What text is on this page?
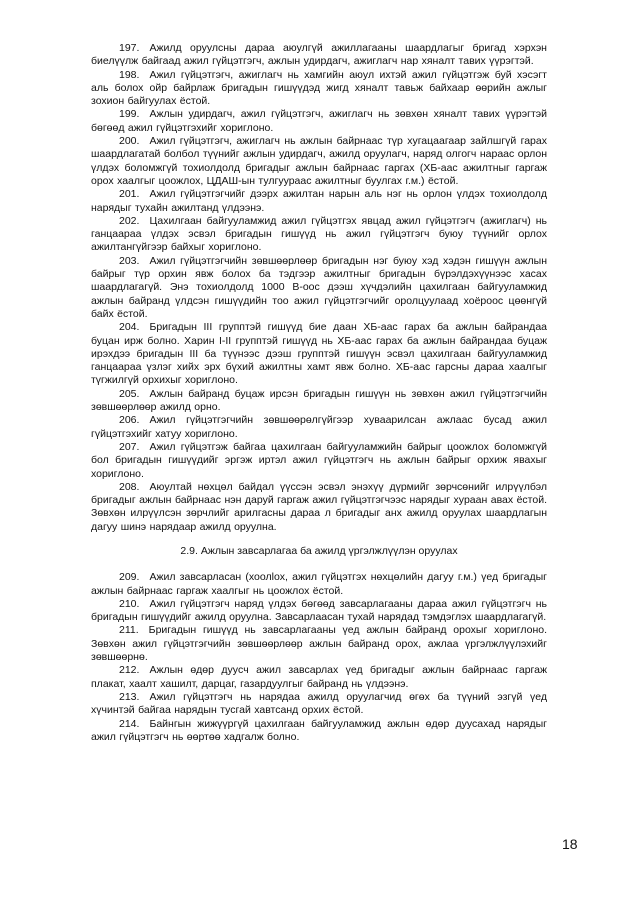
197. Ажилд оруулсны дараа аюулгүй ажиллагааны шаардлагыг бригад хэрхэн биелүүлж байгаад ажил гүйцэтгэгч, ажлын удирдагч, ажиглагч нар хяналт тавих үүрэгтэй.

198. Ажил гүйцэтгэгч, ажиглагч нь хамгийн аюул ихтэй ажил гүйцэтгэж буй хэсэгт аль болох ойр байрлаж бригадын гишүүдэд жигд хяналт тавьж байхаар өөрийн ажлыг зохион байгуулах ёстой.

199. Ажлын удирдагч, ажил гүйцэтгэгч, ажиглагч нь зөвхөн хяналт тавих үүрэгтэй бөгөөд ажил гүйцэтгэхийг хориглоно.

200. Ажил гүйцэтгэгч, ажиглагч нь ажлын байрнаас түр хугацаагаар зайлшгүй гарах шаардлагатай болбол түүнийг ажлын удирдагч, ажилд оруулагч, наряд олгогч нараас орлон үлдэх боломжгүй тохиолдолд бригадыг ажлын байрнаас гаргах (ХБ-аас ажилтныг гаргаж орох хаалгыг цоожлох, ЦДАШ-ын тулгуураас ажилтныг буулгах г.м.) ёстой.

201. Ажил гүйцэтгэгчийг дээрх ажилтан нарын аль нэг нь орлон үлдэх тохиолдолд нарядыг тухайн ажилтанд үлдээнэ.

202. Цахилгаан байгууламжид ажил гүйцэтгэх явцад ажил гүйцэтгэгч (ажиглагч) нь ганцаараа үлдэх эсвэл бригадын гишүүд нь ажил гүйцэтгэгч буюу түүнийг орлох ажилтангүйгээр байхыг хориглоно.

203. Ажил гүйцэтгэгчийн зөвшөөрлөөр бригадын нэг буюу хэд хэдэн гишүүн ажлын байрыг түр орхин явж болох ба тэдгээр ажилтныг бригадын бүрэлдэхүүнээс хасах шаардлагагүй. Энэ тохиолдолд 1000 В-оос дээш хүчдэлийн цахилгаан байгууламжид ажлын байранд үлдсэн гишүүдийн тоо ажил гүйцэтгэгчийг оролцуулаад хоёроос цөөнгүй байх ёстой.

204. Бригадын III групптэй гишүүд бие даан ХБ-аас гарах ба ажлын байрандаа буцан ирж болно. Харин I-II групптэй гишүүд нь ХБ-аас гарах ба ажлын байрандаа буцаж ирэхдээ бригадын III ба түүнээс дээш групптэй гишүүн эсвэл цахилгаан байгууламжид ганцаараа үзлэг хийх эрх бүхий ажилтны хамт явж болно. ХБ-аас гарсны дараа хаалгыг түгжилгүй орхихыг хориглоно.

205. Ажлын байранд буцаж ирсэн бригадын гишүүн нь зөвхөн ажил гүйцэтгэгчийн зөвшөөрлөөр ажилд орно.

206. Ажил гүйцэтгэгчийн зөвшөөрөлгүйгээр хуваарилсан ажлаас бусад ажил гүйцэтгэхийг хатуу хориглоно.

207. Ажил гүйцэтгэж байгаа цахилгаан байгууламжийн байрыг цоожлох боломжгүй бол бригадын гишүүдийг эргэж иртэл ажил гүйцэтгэгч нь ажлын байрыг орхиж явахыг хориглоно.

208. Аюултай нөхцөл байдал үүссэн эсвэл энэхүү дүрмийг зөрчсөнийг илрүүлбэл бригадыг ажлын байрнаас нэн даруй гаргаж ажил гүйцэтгэгчээс нарядыг хураан авах ёстой. Зөвхөн илрүүлсэн зөрчлийг арилгасны дараа л бригадыг анх ажилд оруулах шаардлагын дагуу шинэ нарядаар ажилд оруулна.

2.9. Ажлын завсарлагаа ба ажилд үргэлжлүүлэн оруулах

209. Ажил завсарласан (хоолloх, ажил гүйцэтгэх нөхцөлийн дагуу г.м.) үед бригадыг ажлын байрнаас гаргаж хаалгыг нь цоожлох ёстой.

210. Ажил гүйцэтгэгч наряд үлдэх бөгөөд завсарлагааны дараа ажил гүйцэтгэгч нь бригадын гишүүдийг ажилд оруулна. Завсарлаасан тухай нарядад тэмдэглэх шаардлагагүй.

211. Бригадын гишүүд нь завсарлагааны үед ажлын байранд орохыг хориглоно. Зөвхөн ажил гүйцэтгэгчийн зөвшөөрлөөр ажлын байранд орох, ажлаа үргэлжлүүлэхийг зөвшөөрнө.

212. Ажлын өдөр дууcч ажил завсарлах үед бригадыг ажлын байрнаас гаргаж плакат, хаалт хашилт, дарцаг, газардуулгыг байранд нь үлдээнэ.

213. Ажил гүйцэтгэгч нь нарядаа ажилд оруулагчид өгөх ба түүний эзгүй үед хүчинтэй байгаа нарядын тусгай хавтсанд орхих ёстой.

214. Байнгын жижүүргүй цахилгаан байгууламжид ажлын өдөр дуусахад нарядыг ажил гүйцэтгэгч нь өөртөө хадгалж болно.

18
